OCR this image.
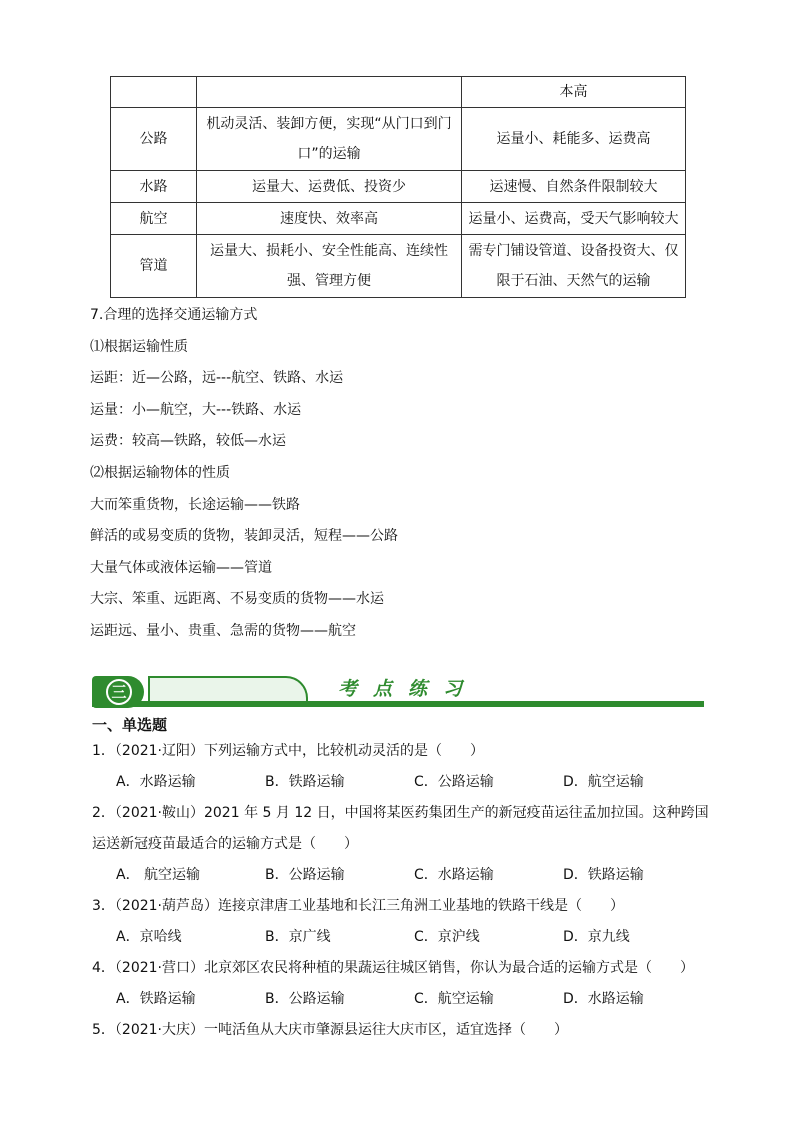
		本高
公路	机动灵活、装卸方便，实现“从门口到门口”的运输	运量小、耗能多、运费高
水路	运量大、运费低、投资少	运速慢、自然条件限制较大
航空	速度快、效率高	运量小、运费高，受天气影响较大
管道	运量大、损耗小、安全性能高、连续性强、管理方便	需专门铺设管道、设备投资大、仅限于石油、天然气的运输

7.合理的选择交通运输方式

⑴根据运输性质

运距：近—公路，远---航空、铁路、水运

运量：小—航空，大---铁路、水运

运费：较高—铁路，较低—水运

⑵根据运输物体的性质

大而笨重货物，长途运输——铁路

鲜活的或易变质的货物，装卸灵活，短程——公路

大量气体或液体运输——管道

大宗、笨重、远距离、不易变质的货物——水运

运距远、量小、贵重、急需的货物——航空

三	考点练习
一、单选题

1．（2021·辽阳）下列运输方式中，比较机动灵活的是（　　）

A．水路运输	B．铁路运输	C．公路运输	D．航空运输

2．（2021·鞍山）2021 年 5 月 12 日，中国将某医药集团生产的新冠疫苗运往孟加拉国。这种跨国运送新冠疫苗最适合的运输方式是（　　）

A． 航空运输	B．公路运输	C．水路运输	D．铁路运输

3．（2021·葫芦岛）连接京津唐工业基地和长江三角洲工业基地的铁路干线是（　　）

A．京哈线	B．京广线	C．京沪线	D．京九线

4．（2021·营口）北京郊区农民将种植的果蔬运往城区销售，你认为最合适的运输方式是（　　）

A．铁路运输	B．公路运输	C．航空运输	D．水路运输

5．（2021·大庆）一吨活鱼从大庆市肇源县运往大庆市区，适宜选择（　　）
